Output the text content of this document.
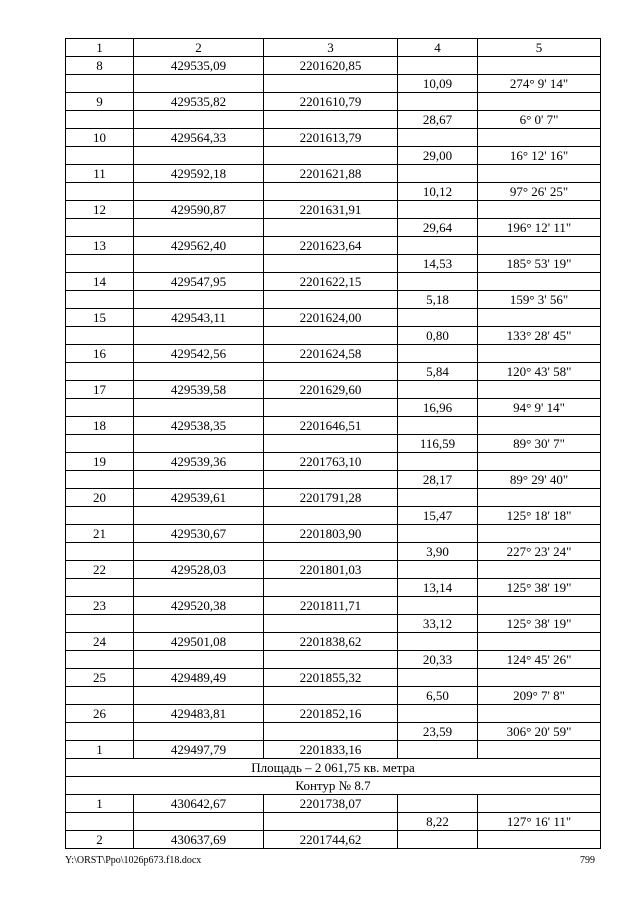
1	2	3	4	5
8	429535,09	2201620,85		
			10,09	274° 9' 14"
9	429535,82	2201610,79		
			28,67	6° 0' 7"
10	429564,33	2201613,79		
			29,00	16° 12' 16"
11	429592,18	2201621,88		
			10,12	97° 26' 25"
12	429590,87	2201631,91		
			29,64	196° 12' 11"
13	429562,40	2201623,64		
			14,53	185° 53' 19"
14	429547,95	2201622,15		
			5,18	159° 3' 56"
15	429543,11	2201624,00		
			0,80	133° 28' 45"
16	429542,56	2201624,58		
			5,84	120° 43' 58"
17	429539,58	2201629,60		
			16,96	94° 9' 14"
18	429538,35	2201646,51		
			116,59	89° 30' 7"
19	429539,36	2201763,10		
			28,17	89° 29' 40"
20	429539,61	2201791,28		
			15,47	125° 18' 18"
21	429530,67	2201803,90		
			3,90	227° 23' 24"
22	429528,03	2201801,03		
			13,14	125° 38' 19"
23	429520,38	2201811,71		
			33,12	125° 38' 19"
24	429501,08	2201838,62		
			20,33	124° 45' 26"
25	429489,49	2201855,32		
			6,50	209° 7' 8"
26	429483,81	2201852,16		
			23,59	306° 20' 59"
1	429497,79	2201833,16		
Площадь – 2 061,75 кв. метра				
Контур № 8.7				
1	430642,67	2201738,07		
			8,22	127° 16' 11"
2	430637,69	2201744,62		
Y:\ORST\Ppo\1026p673.f18.docx	799
